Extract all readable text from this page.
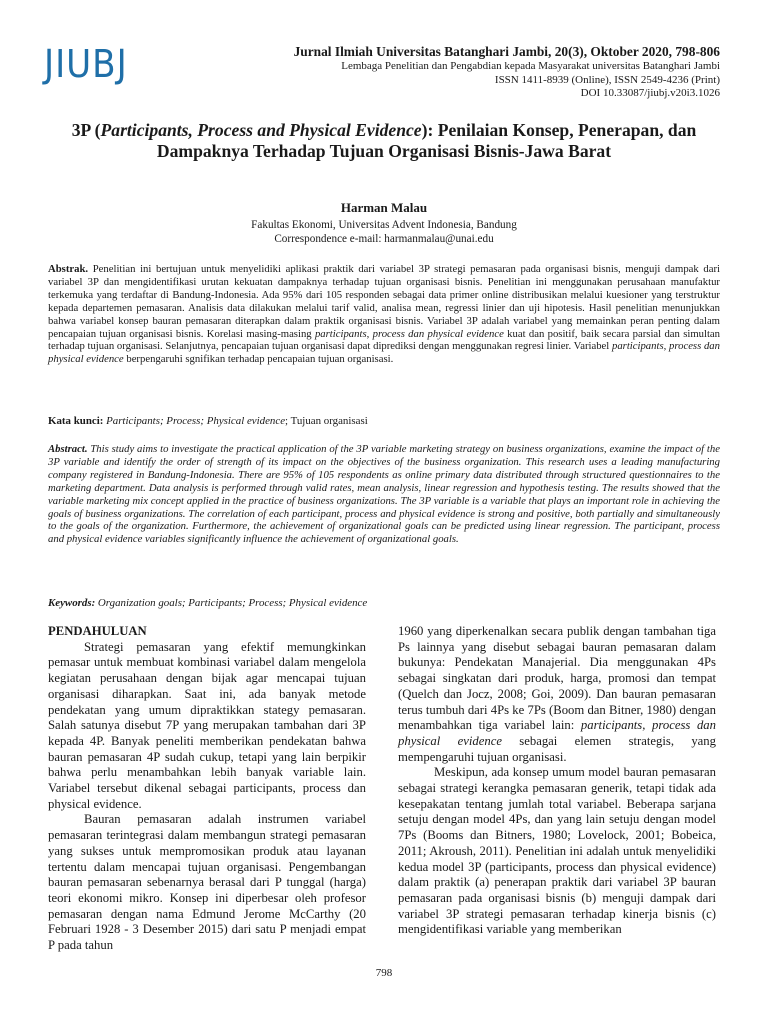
JIUBJ	Jurnal Ilmiah Universitas Batanghari Jambi, 20(3), Oktober 2020, 798-806
Lembaga Penelitian dan Pengabdian kepada Masyarakat universitas Batanghari Jambi
ISSN 1411-8939 (Online), ISSN 2549-4236 (Print)
DOI 10.33087/jiubj.v20i3.1026
3P (Participants, Process and Physical Evidence): Penilaian Konsep, Penerapan, dan Dampaknya Terhadap Tujuan Organisasi Bisnis-Jawa Barat
Harman Malau
Fakultas Ekonomi, Universitas Advent Indonesia, Bandung
Correspondence e-mail: harmanmalau@unai.edu

Abstrak. Penelitian ini bertujuan untuk menyelidiki aplikasi praktik dari variabel 3P strategi pemasaran pada organisasi bisnis, menguji dampak dari variabel 3P dan mengidentifikasi urutan kekuatan dampaknya terhadap tujuan organisasi bisnis. Penelitian ini menggunakan perusahaan manufaktur terkemuka yang terdaftar di Bandung-Indonesia. Ada 95% dari 105 responden sebagai data primer online distribusikan melalui kuesioner yang terstruktur kepada departemen pemasaran. Analisis data dilakukan melalui tarif valid, analisa mean, regressi linier dan uji hipotesis. Hasil penelitian menunjukkan bahwa variabel konsep bauran pemasaran diterapkan dalam praktik organisasi bisnis. Variabel 3P adalah variabel yang memainkan peran penting dalam pencapaian tujuan organisasi bisnis. Korelasi masing-masing participants, process dan physical evidence kuat dan positif, baik secara parsial dan simultan terhadap tujuan organisasi. Selanjutnya, pencapaian tujuan organisasi dapat diprediksi dengan menggunakan regresi linier. Variabel participants, process dan physical evidence berpengaruhi sgnifikan terhadap pencapaian tujuan organisasi.

Kata kunci: Participants; Process; Physical evidence; Tujuan organisasi

Abstract. This study aims to investigate the practical application of the 3P variable marketing strategy on business organizations, examine the impact of the 3P variable and identify the order of strength of its impact on the objectives of the business organization. This research uses a leading manufacturing company registered in Bandung-Indonesia. There are 95% of 105 respondents as online primary data distributed through structured questionnaires to the marketing department. Data analysis is performed through valid rates, mean analysis, linear regression and hypothesis testing. The results showed that the variable marketing mix concept applied in the practice of business organizations. The 3P variable is a variable that plays an important role in achieving the goals of business organizations. The correlation of each participant, process and physical evidence is strong and positive, both partially and simultaneously to the goals of the organization. Furthermore, the achievement of organizational goals can be predicted using linear regression. The participant, process and physical evidence variables significantly influence the achievement of organizational goals.

Keywords: Organization goals; Participants; Process; Physical evidence

PENDAHULUAN

Strategi pemasaran yang efektif memungkinkan pemasar untuk membuat kombinasi variabel dalam mengelola kegiatan perusahaan dengan bijak agar mencapai tujuan organisasi diharapkan. Saat ini, ada banyak metode pendekatan yang umum dipraktikkan stategy pemasaran. Salah satunya disebut 7P yang merupakan tambahan dari 3P kepada 4P. Banyak peneliti memberikan pendekatan bahwa bauran pemasaran 4P sudah cukup, tetapi yang lain berpikir bahwa perlu menambahkan lebih banyak variable lain. Variabel tersebut dikenal sebagai participants, process dan physical evidence.

Bauran pemasaran adalah instrumen variabel pemasaran terintegrasi dalam membangun strategi pemasaran yang sukses untuk mempromosikan produk atau layanan tertentu dalam mencapai tujuan organisasi. Pengembangan bauran pemasaran sebenarnya berasal dari P tunggal (harga) teori ekonomi mikro. Konsep ini diperbesar oleh profesor pemasaran dengan nama Edmund Jerome McCarthy (20 Februari 1928 - 3 Desember 2015) dari satu P menjadi empat P pada tahun

1960 yang diperkenalkan secara publik dengan tambahan tiga Ps lainnya yang disebut sebagai bauran pemasaran dalam bukunya: Pendekatan Manajerial. Dia menggunakan 4Ps sebagai singkatan dari produk, harga, promosi dan tempat (Quelch dan Jocz, 2008; Goi, 2009). Dan bauran pemasaran terus tumbuh dari 4Ps ke 7Ps (Boom dan Bitner, 1980) dengan menambahkan tiga variabel lain: participants, process dan physical evidence sebagai elemen strategis, yang mempengaruhi tujuan organisasi.

Meskipun, ada konsep umum model bauran pemasaran sebagai strategi kerangka pemasaran generik, tetapi tidak ada kesepakatan tentang jumlah total variabel. Beberapa sarjana setuju dengan model 4Ps, dan yang lain setuju dengan model 7Ps (Booms dan Bitners, 1980; Lovelock, 2001; Bobeica, 2011; Akroush, 2011). Penelitian ini adalah untuk menyelidiki kedua model 3P (participants, process dan physical evidence) dalam praktik (a) penerapan praktik dari variabel 3P bauran pemasaran pada organisasi bisnis (b) menguji dampak dari variabel 3P strategi pemasaran terhadap kinerja bisnis (c) mengidentifikasi variable yang memberikan

798
